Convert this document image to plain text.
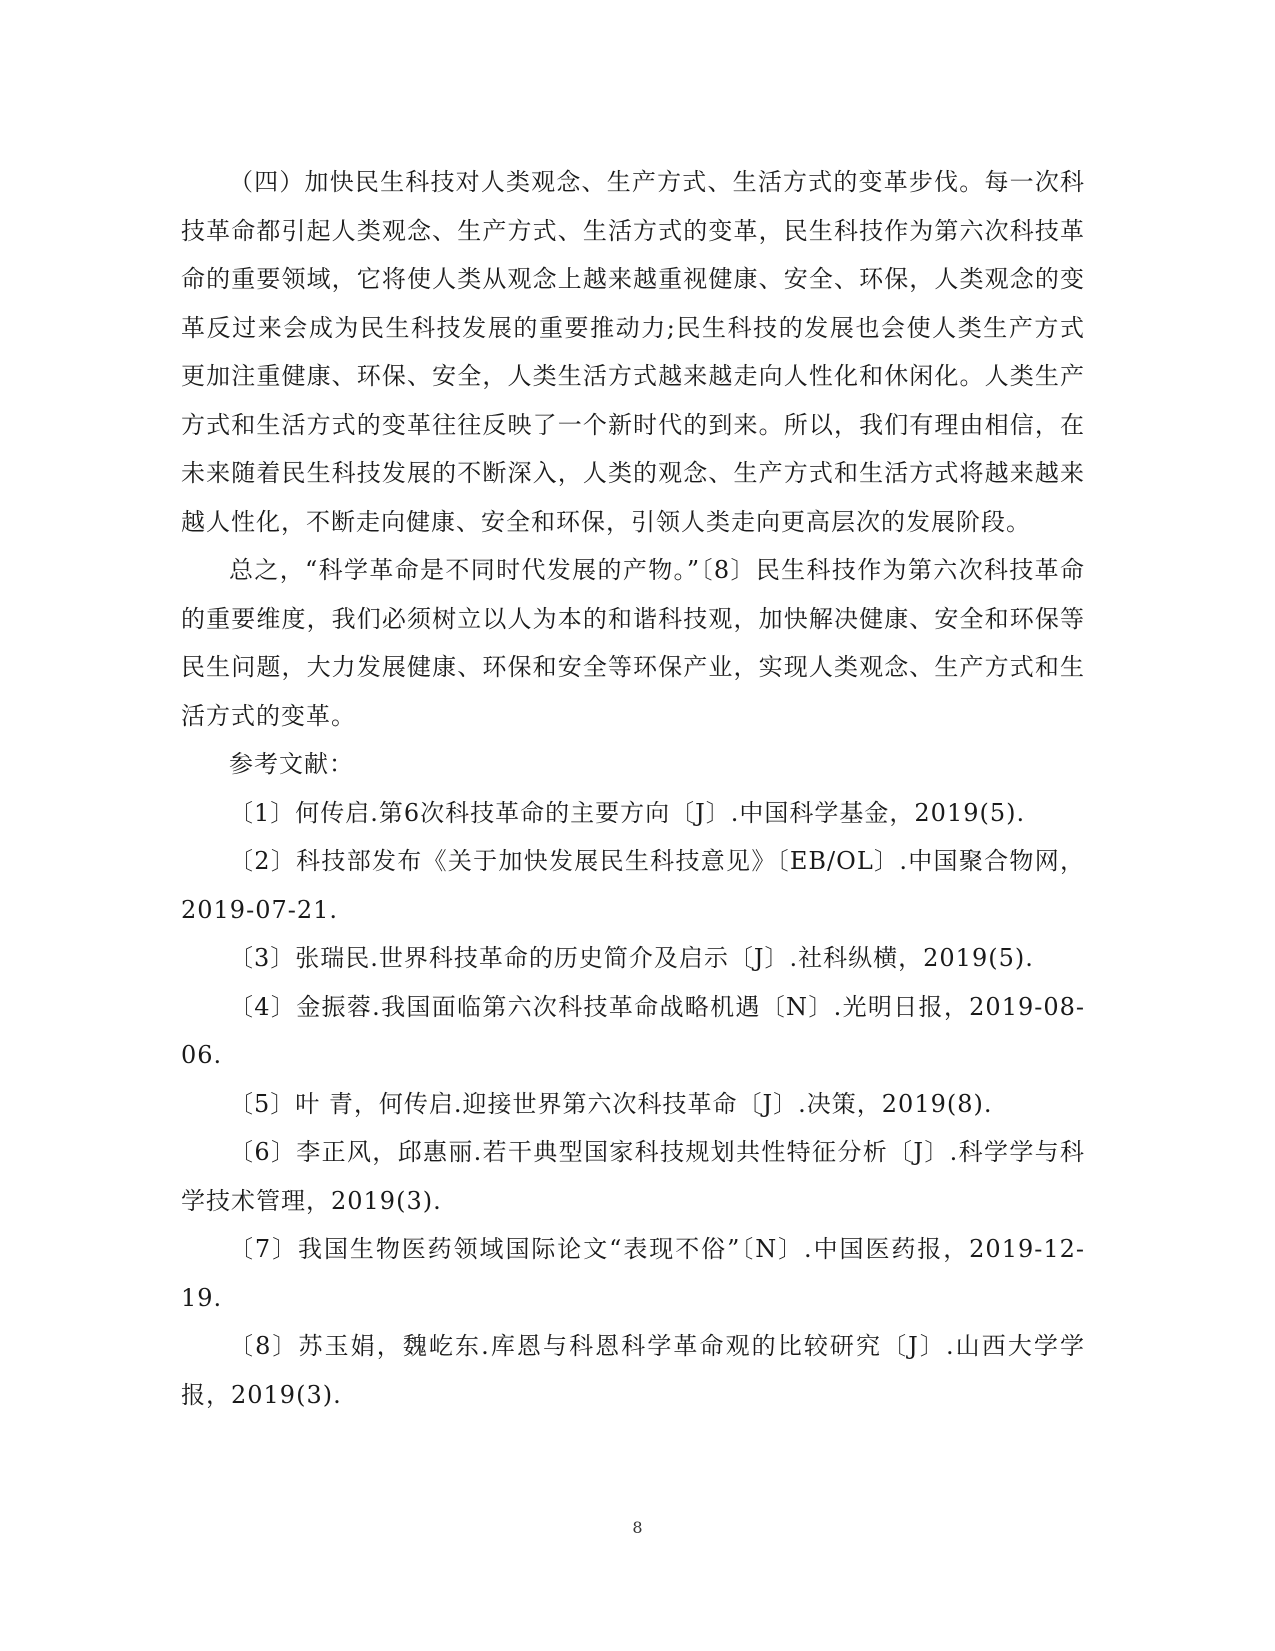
（四）加快民生科技对人类观念、生产方式、生活方式的变革步伐。每一次科技革命都引起人类观念、生产方式、生活方式的变革，民生科技作为第六次科技革命的重要领域，它将使人类从观念上越来越重视健康、安全、环保，人类观念的变革反过来会成为民生科技发展的重要推动力;民生科技的发展也会使人类生产方式更加注重健康、环保、安全，人类生活方式越来越走向人性化和休闲化。人类生产方式和生活方式的变革往往反映了一个新时代的到来。所以，我们有理由相信，在未来随着民生科技发展的不断深入，人类的观念、生产方式和生活方式将越来越来越人性化，不断走向健康、安全和环保，引领人类走向更高层次的发展阶段。

总之，“科学革命是不同时代发展的产物。”〔8〕民生科技作为第六次科技革命的重要维度，我们必须树立以人为本的和谐科技观，加快解决健康、安全和环保等民生问题，大力发展健康、环保和安全等环保产业，实现人类观念、生产方式和生活方式的变革。

参考文献：

〔1〕何传启.第6次科技革命的主要方向〔J〕.中国科学基金，2019(5).

〔2〕科技部发布《关于加快发展民生科技意见》〔EB/OL〕.中国聚合物网，2019-07-21.

〔3〕张瑞民.世界科技革命的历史简介及启示〔J〕.社科纵横，2019(5).

〔4〕金振蓉.我国面临第六次科技革命战略机遇〔N〕.光明日报，2019-08-06.

〔5〕叶 青，何传启.迎接世界第六次科技革命〔J〕.决策，2019(8).

〔6〕李正风，邱惠丽.若干典型国家科技规划共性特征分析〔J〕.科学学与科学技术管理，2019(3).

〔7〕我国生物医药领域国际论文“表现不俗”〔N〕.中国医药报，2019-12-19.

〔8〕苏玉娟，魏屹东.库恩与科恩科学革命观的比较研究〔J〕.山西大学学报，2019(3).

8
